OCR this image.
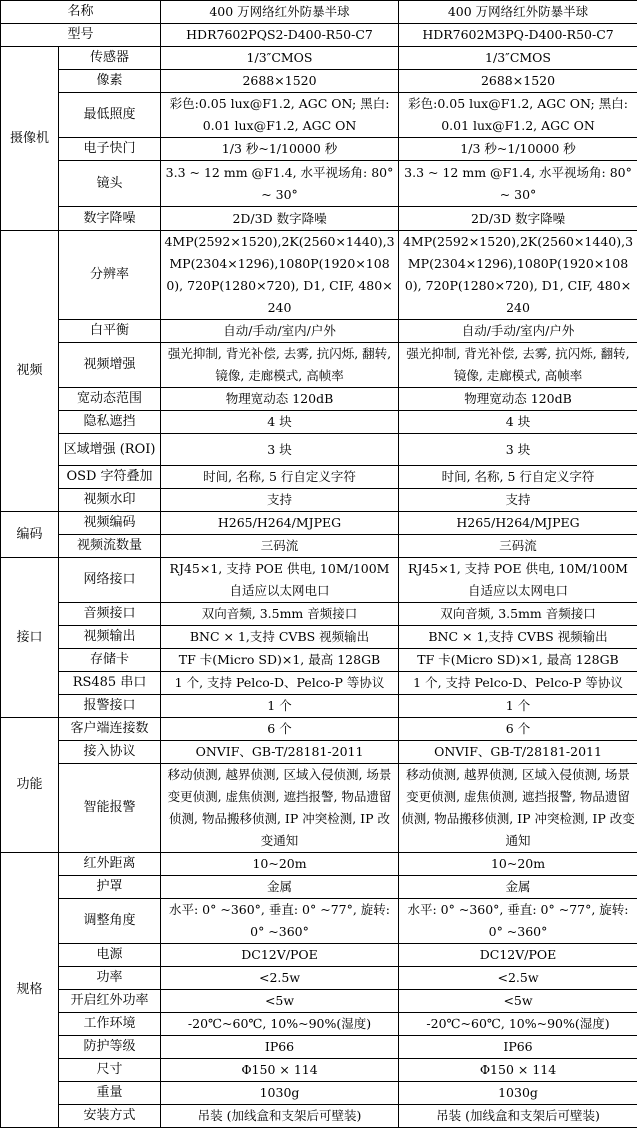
名称		400 万网络红外防暴半球	400 万网络红外防暴半球
型号		HDR7602PQS2-D400-R50-C7	HDR7602M3PQ-D400-R50-C7
摄像机	传感器	1/3″CMOS	1/3″CMOS
	像素	2688×1520	2688×1520
	最低照度	彩色:0.05 lux@F1.2, AGC ON; 黑白: 0.01 lux@F1.2, AGC ON	彩色:0.05 lux@F1.2, AGC ON; 黑白: 0.01 lux@F1.2, AGC ON
	电子快门	1/3 秒~1/10000 秒	1/3 秒~1/10000 秒
	镜头	3.3 ~ 12 mm @F1.4, 水平视场角: 80° ~ 30°	3.3 ~ 12 mm @F1.4, 水平视场角: 80° ~ 30°
	数字降噪	2D/3D 数字降噪	2D/3D 数字降噪
视频	分辨率	4MP(2592×1520),2K(2560×1440),3MP(2304×1296),1080P(1920×1080), 720P(1280×720), D1, CIF, 480×240	4MP(2592×1520),2K(2560×1440),3MP(2304×1296),1080P(1920×1080), 720P(1280×720), D1, CIF, 480×240
	白平衡	自动/手动/室内/户外	自动/手动/室内/户外
	视频增强	强光抑制, 背光补偿, 去雾, 抗闪烁, 翻转, 镜像, 走廊模式, 高帧率	强光抑制, 背光补偿, 去雾, 抗闪烁, 翻转, 镜像, 走廊模式, 高帧率
	宽动态范围	物理宽动态 120dB	物理宽动态 120dB
	隐私遮挡	4 块	4 块
	区域增强 (ROI)	3 块	3 块
	OSD 字符叠加	时间, 名称, 5 行自定义字符	时间, 名称, 5 行自定义字符
	视频水印	支持	支持
编码	视频编码	H265/H264/MJPEG	H265/H264/MJPEG
	视频流数量	三码流	三码流
接口	网络接口	RJ45×1, 支持 POE 供电, 10M/100M 自适应以太网电口	RJ45×1, 支持 POE 供电, 10M/100M 自适应以太网电口
	音频接口	双向音频, 3.5mm 音频接口	双向音频, 3.5mm 音频接口
	视频输出	BNC × 1,支持 CVBS 视频输出	BNC × 1,支持 CVBS 视频输出
	存储卡	TF 卡(Micro SD)×1, 最高 128GB	TF 卡(Micro SD)×1, 最高 128GB
	RS485 串口	1 个, 支持 Pelco-D、Pelco-P 等协议	1 个, 支持 Pelco-D、Pelco-P 等协议
	报警接口	1 个	1 个
功能	客户端连接数	6 个	6 个
	接入协议	ONVIF、GB-T/28181-2011	ONVIF、GB-T/28181-2011
	智能报警	移动侦测, 越界侦测, 区域入侵侦测, 场景变更侦测, 虚焦侦测, 遮挡报警, 物品遗留侦测, 物品搬移侦测, IP 冲突检测, IP 改变通知	移动侦测, 越界侦测, 区域入侵侦测, 场景变更侦测, 虚焦侦测, 遮挡报警, 物品遗留侦测, 物品搬移侦测, IP 冲突检测, IP 改变通知
规格	红外距离	10~20m	10~20m
	护罩	金属	金属
	调整角度	水平: 0° ~360°, 垂直: 0° ~77°, 旋转: 0° ~360°	水平: 0° ~360°, 垂直: 0° ~77°, 旋转: 0° ~360°
	电源	DC12V/POE	DC12V/POE
	功率	<2.5w	<2.5w
	开启红外功率	<5w	<5w
	工作环境	-20℃~60℃, 10%~90%(湿度)	-20℃~60℃, 10%~90%(湿度)
	防护等级	IP66	IP66
	尺寸	Φ150 × 114	Φ150 × 114
	重量	1030g	1030g
	安装方式	吊装 (加线盒和支架后可壁装)	吊装 (加线盒和支架后可壁装)
